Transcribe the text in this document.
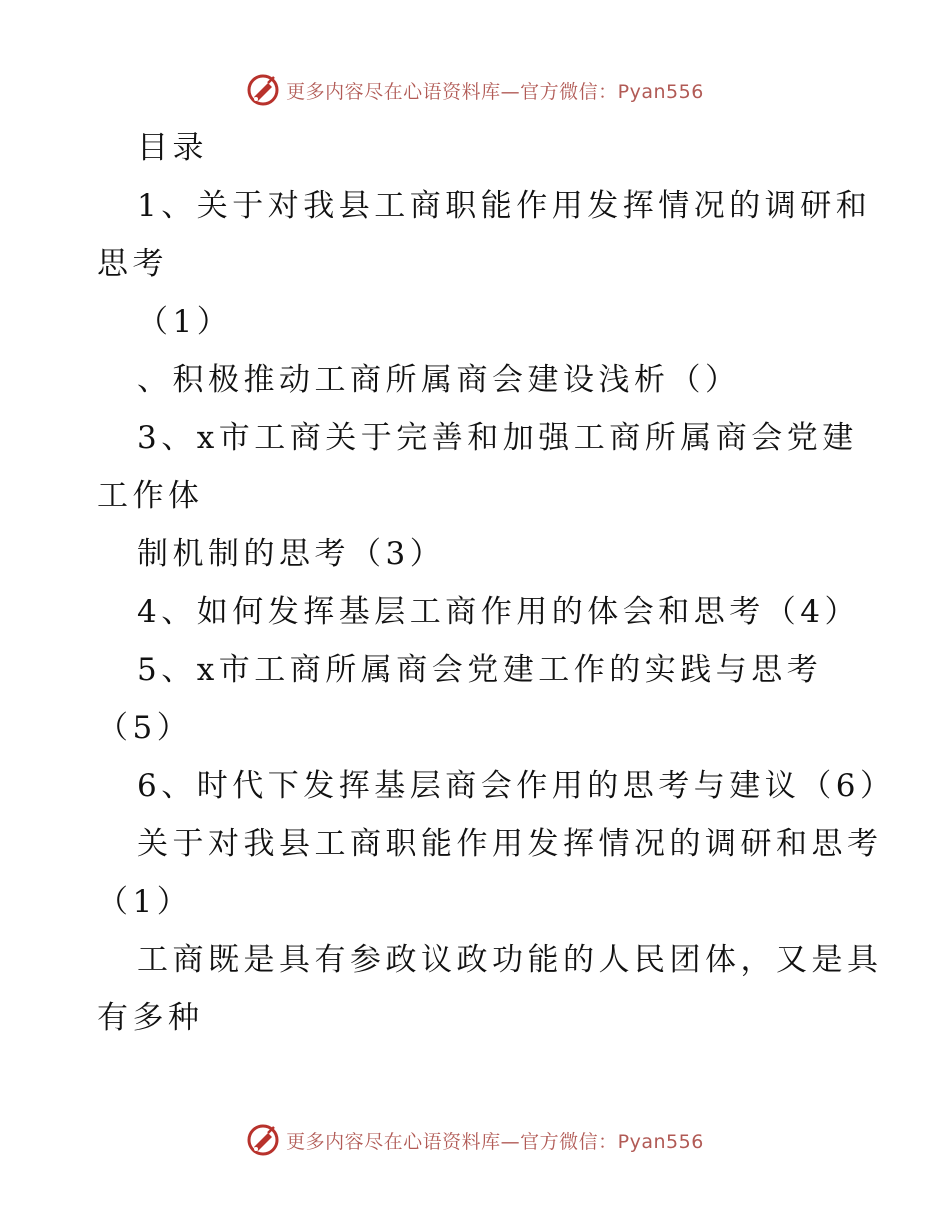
更多内容尽在心语资料库—官方微信：Pyan556
目录
1、关于对我县工商职能作用发挥情况的调研和
思考
（1）
、积极推动工商所属商会建设浅析（）
3、x市工商关于完善和加强工商所属商会党建
工作体
制机制的思考（3）
4、如何发挥基层工商作用的体会和思考（4）
5、x市工商所属商会党建工作的实践与思考
（5）
6、时代下发挥基层商会作用的思考与建议（6）
关于对我县工商职能作用发挥情况的调研和思考
（1）
工商既是具有参政议政功能的人民团体，又是具
有多种
更多内容尽在心语资料库—官方微信：Pyan556
